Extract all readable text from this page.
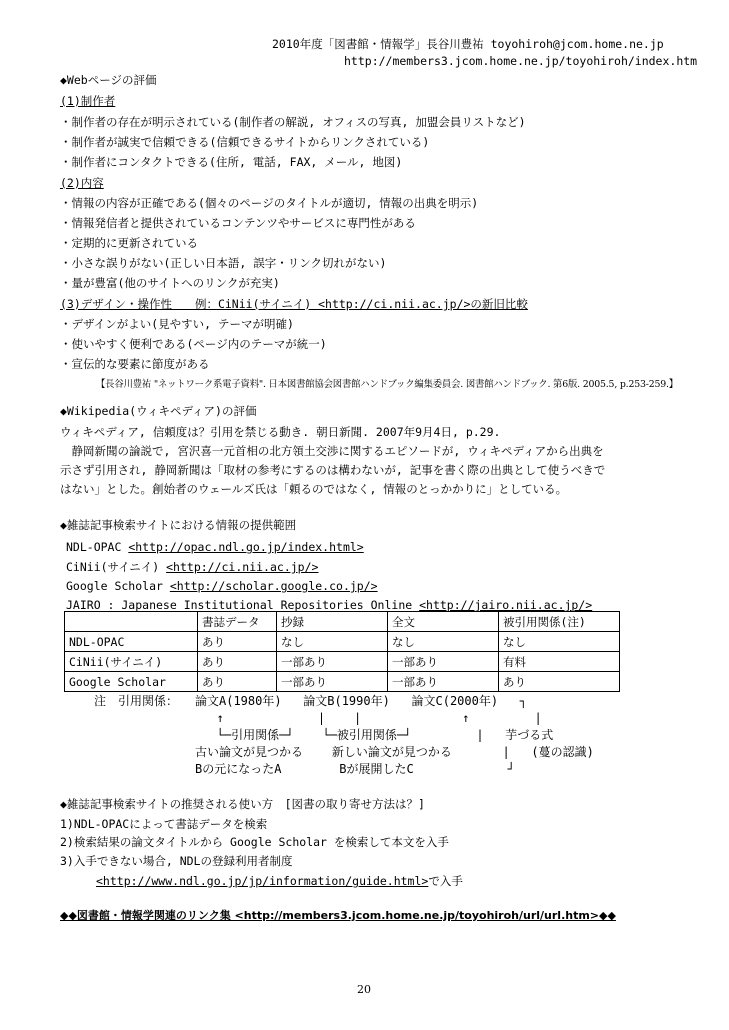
2010年度「図書館・情報学」長谷川豊祐 toyohiroh@jcom.home.ne.jp
http://members3.jcom.home.ne.jp/toyohiroh/index.htm
◆Webページの評価
(1)制作者
・制作者の存在が明示されている(制作者の解説, オフィスの写真, 加盟会員リストなど)
・制作者が誠実で信頼できる(信頼できるサイトからリンクされている)
・制作者にコンタクトできる(住所, 電話, FAX, メール, 地図)
(2)内容
・情報の内容が正確である(個々のページのタイトルが適切, 情報の出典を明示)
・情報発信者と提供されているコンテンツやサービスに専門性がある
・定期的に更新されている
・小さな誤りがない(正しい日本語, 誤字・リンク切れがない)
・量が豊富(他のサイトへのリンクが充実)
(3)デザイン・操作性　　例：CiNii(サイニイ) <http://ci.nii.ac.jp/>の新旧比較
・デザインがよい(見やすい, テーマが明確)
・使いやすく便利である(ページ内のテーマが統一)
・宣伝的な要素に節度がある
【長谷川豊祐 "ネットワーク系電子資料". 日本図書館協会図書館ハンドブック編集委員会. 図書館ハンドブック. 第6版. 2005.5, p.253-259.】
◆Wikipedia(ウィキペディア)の評価
ウィキペディア, 信頼度は？引用を禁じる動き. 朝日新聞. 2007年9月4日, p.29.
　静岡新聞の論説で, 宮沢喜一元首相の北方領土交渉に関するエピソードが, ウィキペディアから出典を
示さず引用され, 静岡新聞は「取材の参考にするのは構わないが, 記事を書く際の出典として使うべきで
はない」とした。創始者のウェールズ氏は「頼るのではなく, 情報のとっかかりに」としている。
◆雑誌記事検索サイトにおける情報の提供範囲
NDL-OPAC <http://opac.ndl.go.jp/index.html>
CiNii(サイニイ) <http://ci.nii.ac.jp/>
Google Scholar <http://scholar.google.co.jp/>
JAIRO : Japanese Institutional Repositories Online <http://jairo.nii.ac.jp/>
	書誌データ	抄録	全文	被引用関係(注)
NDL-OPAC	あり	なし	なし	なし
CiNii(サイニイ)	あり	一部あり	一部あり	有料
Google Scholar	あり	一部あり	一部あり	あり
注　引用関係： 論文A(1980年)   論文B(1990年)   論文C(2000年)   ┐
↑             |    |              ↑         |
└─引用関係─┘    └─被引用関係─┘         |   芋づる式
古い論文が見つかる    新しい論文が見つかる       |   (蔓の認識)
Bの元になったA        Bが展開したC             ┘
◆雑誌記事検索サイトの推奨される使い方　[図書の取り寄せ方法は？]
1)NDL-OPACによって書誌データを検索
2)検索結果の論文タイトルから Google Scholar を検索して本文を入手
3)入手できない場合, NDLの登録利用者制度
<http://www.ndl.go.jp/jp/information/guide.html>で入手
◆◆図書館・情報学関連のリンク集 <http://members3.jcom.home.ne.jp/toyohiroh/url/url.htm>◆◆
20
